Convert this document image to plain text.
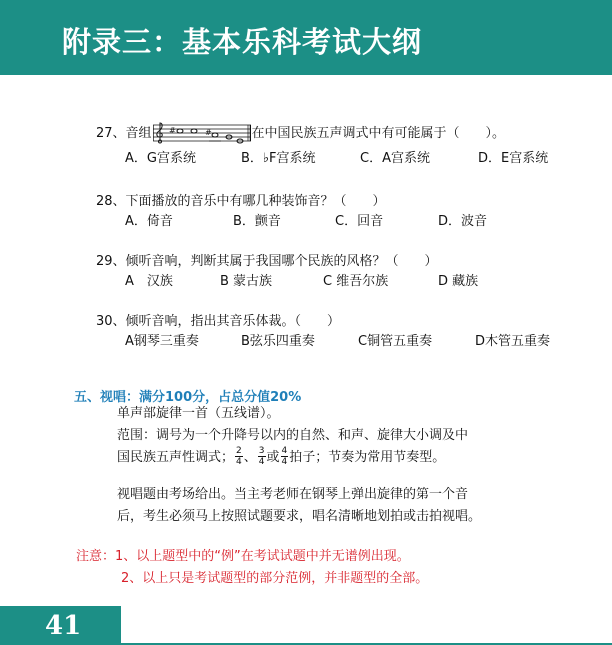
附录三：基本乐科考试大纲
27、音组 #	#	在中国民族五声调式中有可能属于（　　）。
A．G宫系统	B．♭F宫系统	C．A宫系统	D．E宫系统
28、下面播放的音乐中有哪几种装饰音？（　　）
A．倚音	B．颤音	C．回音	D．波音
29、倾听音响，判断其属于我国哪个民族的风格？（　　）
A　汉族	B 蒙古族	C 维吾尔族	D 藏族
30、倾听音响，指出其音乐体裁。（　　）
A钢琴三重奏	B弦乐四重奏	C铜管五重奏	D木管五重奏
五、视唱：满分100分，占总分值20%
单声部旋律一首（五线谱）。
范围：调号为一个升降号以内的自然、和声、旋律大小调及中
国民族五声性调式； $\frac{2}{4}$ 、 $\frac{3}{4}$ 或 $\frac{4}{4}$ 拍子；节奏为常用节奏型。
视唱题由考场给出。当主考老师在钢琴上弹出旋律的第一个音
后，考生必须马上按照试题要求，唱名清晰地划拍或击拍视唱。
注意：1、以上题型中的“例”在考试试题中并无谱例出现。
2、以上只是考试题型的部分范例，并非题型的全部。
41
